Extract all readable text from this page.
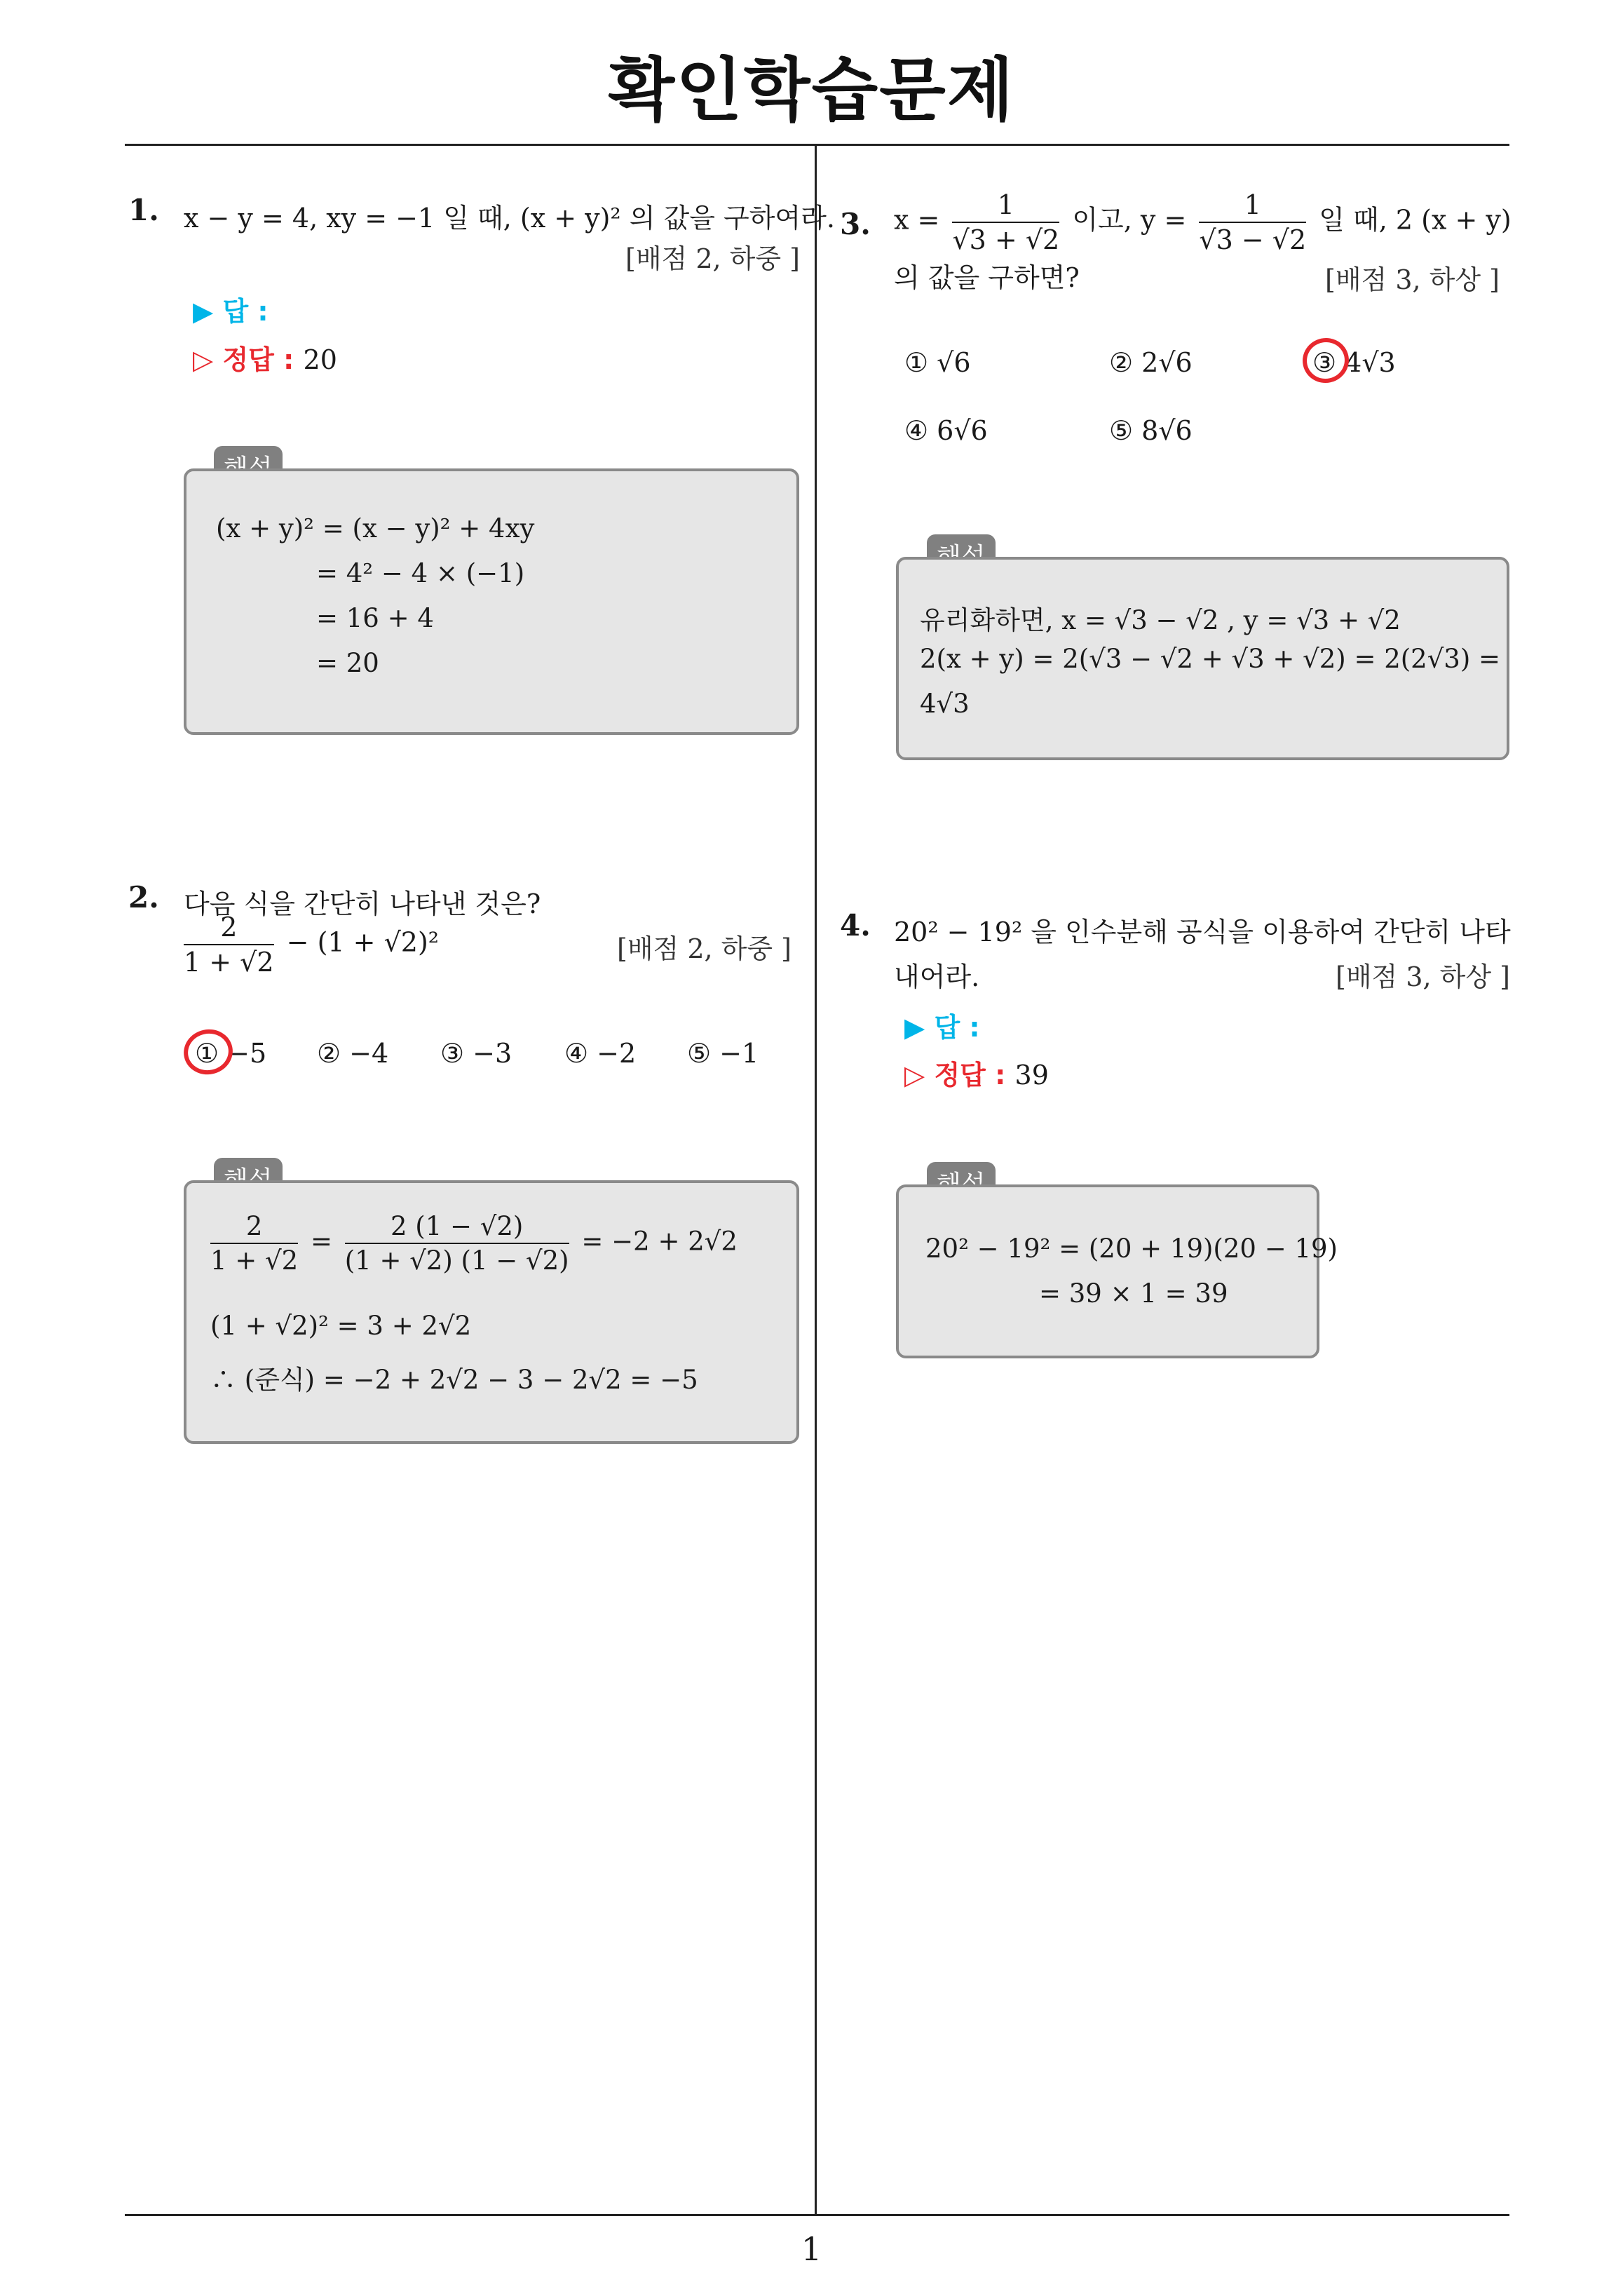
확인학습문제
1. x − y = 4, xy = −1 일 때, (x + y)² 의 값을 구하여라.
[배점 2, 하중 ]
▶ 답 :
▷ 정답 : 20
(x + y)² = (x − y)² + 4xy
= 4² − 4 × (−1)
= 16 + 4
= 20
2. 다음 식을 간단히 나타낸 것은?
$\frac{2}{1 + √2} - (1 + √2)^2$	[배점 2, 하중 ]
① −5 ② −4 ③ −3 ④ −2 ⑤ −1
$\frac{2}{1 + √2} = \frac{2 (1 - √2)}{(1 + √2) (1 - √2)} = -2 + 2√2$
(1 + √2)² = 3 + 2√2
∴ (준식) = −2 + 2√2 − 3 − 2√2 = −5
3. $x = \frac{1}{√3 + √2}$ 이고, $y = \frac{1}{√3 - √2}$ 일 때, 2 (x + y)
의 값을 구하면?	[배점 3, 하상 ]
① √6	② 2√6	③ 4√3
④ 6√6	⑤ 8√6
유리화하면, x = √3 − √2 , y = √3 + √2
2(x + y) = 2(√3 − √2 + √3 + √2) = 2(2√3) =
4√3
4. 20² − 19² 을 인수분해 공식을 이용하여 간단히 나타
내어라.	[배점 3, 하상 ]
▶ 답 :
▷ 정답 : 39
20² − 19² = (20 + 19)(20 − 19)
= 39 × 1 = 39
1
